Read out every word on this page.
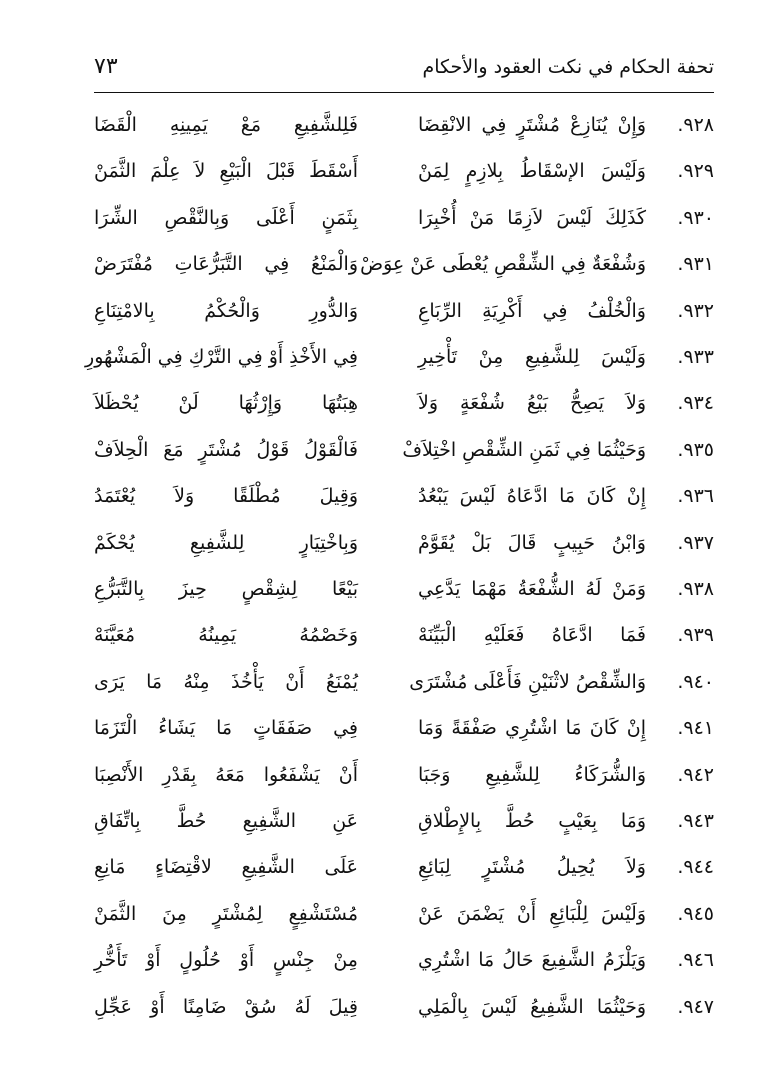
تحفة الحكام في نكت العقود والأحكام
٧٣
٩٢٨.
وَإِنْ يُنَازِعْ مُشْتَرٍ فِي الانْقِضَا
فَلِلشَّفِيعِ مَعْ يَمِينِهِ الْقَضَا
٩٢٩.
وَلَيْسَ الإسْقَاطُ بِلازِمٍ لِمَنْ
أَسْقَطَ قَبْلَ الْبَيْعِ لاَ عِلْمَ الثَّمَنْ
٩٣٠.
كَذَلِكَ لَيْسَ لاَزِمًا مَنْ أُخْبِرَا
بِثَمَنٍ أَعْلَى وَبِالنَّقْصِ الشِّرَا
٩٣١.
وَشُفْعَةٌ فِي الشِّقْصِ يُعْطَى عَنْ عِوَضْ
وَالْمَنْعُ فِي التَّبَرُّعَاتِ مُفْتَرَضْ
٩٣٢.
وَالْخُلْفُ فِي أَكْرِيَةِ الرِّبَاعِ
وَالدُّورِ وَالْحُكْمُ بِالامْتِنَاعِ
٩٣٣.
وَلَيْسَ لِلشَّفِيعِ مِنْ تَأْخِيرِ
فِي الأَخْذِ أَوْ فِي التَّرْكِ فِي الْمَشْهُورِ
٩٣٤.
وَلاَ يَصِحُّ بَيْعُ شُفْعَةٍ وَلاَ
هِبَتُهَا وَإِرْثُهَا لَنْ يُحْظَلاَ
٩٣٥.
وَحَيْثُمَا فِي ثَمَنِ الشِّقْصِ اخْتِلاَفْ
فَالْقَوْلُ قَوْلُ مُشْتَرٍ مَعَ الْحِلاَفْ
٩٣٦.
إِنْ كَانَ مَا ادَّعَاهُ لَيْسَ يَبْعُدُ
وَقِيلَ مُطْلَقًا وَلاَ يُعْتَمَدُ
٩٣٧.
وَابْنُ حَبِيبٍ قَالَ بَلْ يُقَوَّمْ
وَبِاخْتِيَارٍ لِلشَّفِيعِ يُحْكَمْ
٩٣٨.
وَمَنْ لَهُ الشُّفْعَةُ مَهْمَا يَدَّعِي
بَيْعًا لِشِقْصٍ حِيزَ بِالتَّبَرُّعِ
٩٣٩.
فَمَا ادَّعَاهُ فَعَلَيْهِ الْبَيِّنَهْ
وَخَصْمُهُ يَمِينُهُ مُعَيَّنَهْ
٩٤٠.
وَالشِّقْصُ لاثْنَيْنِ فَأَعْلَى مُشْتَرَى
يُمْنَعُ أَنْ يَأْخُذَ مِنْهُ مَا يَرَى
٩٤١.
إِنْ كَانَ مَا اشْتُرِي صَفْقَةً وَمَا
فِي صَفَقَاتٍ مَا يَشَاءُ الْتَزَمَا
٩٤٢.
وَالشُّرَكَاءُ لِلشَّفِيعِ وَجَبَا
أَنْ يَشْفَعُوا مَعَهُ بِقَدْرِ الأَنْصِبَا
٩٤٣.
وَمَا بِعَيْبٍ حُطَّ بِالإِطْلاقِ
عَنِ الشَّفِيعِ حُطَّ بِاتِّفَاقِ
٩٤٤.
وَلاَ يُحِيلُ مُشْتَرٍ لِبَائِعِ
عَلَى الشَّفِيعِ لاقْتِضَاءٍ مَانِعِ
٩٤٥.
وَلَيْسَ لِلْبَائِعِ أَنْ يَضْمَنَ عَنْ
مُسْتَشْفِعٍ لِمُشْتَرٍ مِنَ الثَّمَنْ
٩٤٦.
وَيَلْزَمُ الشَّفِيعَ حَالُ مَا اشْتُرِي
مِنْ جِنْسٍ أَوْ حُلُولٍ أَوْ تَأَخُّرِ
٩٤٧.
وَحَيْثُمَا الشَّفِيعُ لَيْسَ بِالْمَلِي
قِيلَ لَهُ سُقْ ضَامِنًا أَوْ عَجِّلِ
